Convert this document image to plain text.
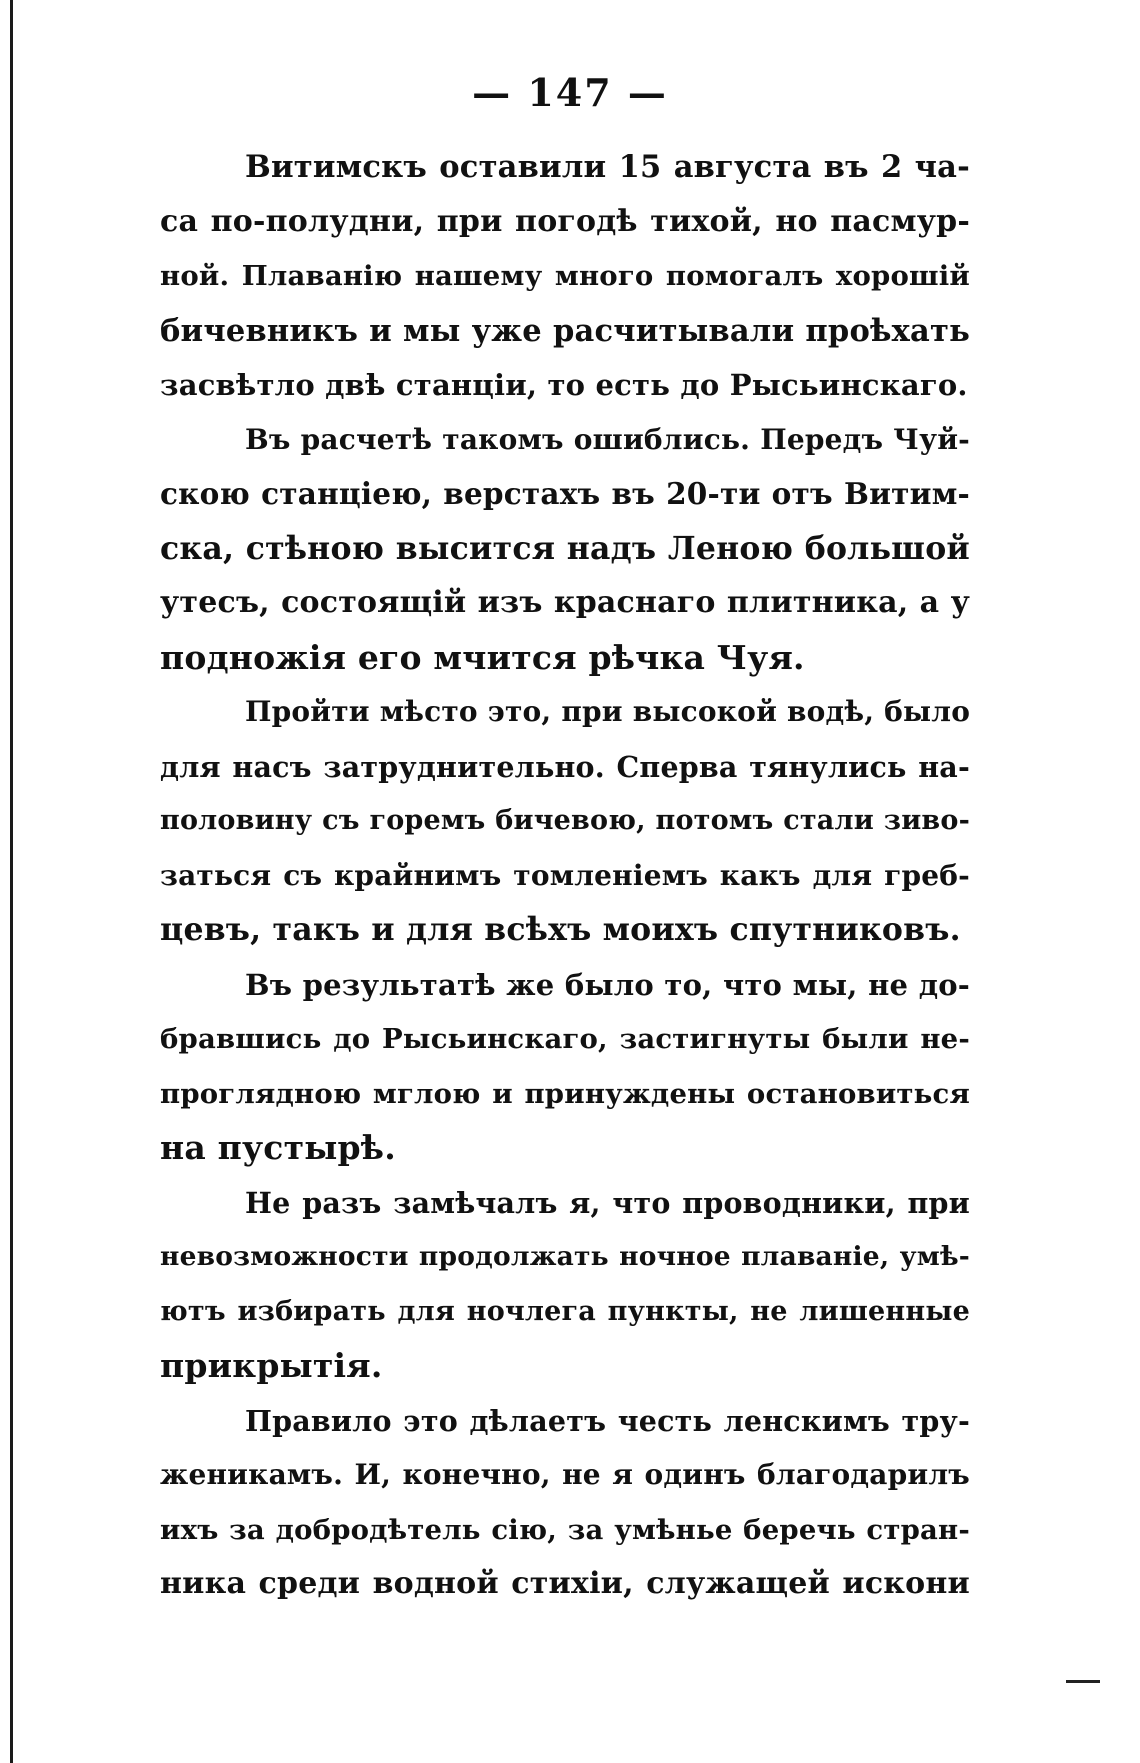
— 147 —
Витимскъ оставили 15 августа въ 2 ча-
са по-полудни, при погодѣ тихой, но пасмур-
ной. Плаванію нашему много помогалъ хорошій
бичевникъ и мы уже расчитывали проѣхать
засвѣтло двѣ станціи, то есть до Рысьинскаго.
Въ расчетѣ такомъ ошиблись. Передъ Чуй-
скою станціею, верстахъ въ 20-ти отъ Витим-
ска, стѣною высится надъ Леною большой
утесъ, состоящій изъ краснаго плитника, а у
подножія его мчится рѣчка Чуя.
Пройти мѣсто это, при высокой водѣ, было
для насъ затруднительно. Сперва тянулись на-
половину съ горемъ бичевою, потомъ стали зиво-
заться съ крайнимъ томленіемъ какъ для греб-
цевъ, такъ и для всѣхъ моихъ спутниковъ.
Въ результатѣ же было то, что мы, не до-
бравшись до Рысьинскаго, застигнуты были не-
проглядною мглою и принуждены остановиться
на пустырѣ.
Не разъ замѣчалъ я, что проводники, при
невозможности продолжать ночное плаваніе, умѣ-
ютъ избирать для ночлега пункты, не лишенные
прикрытія.
Правило это дѣлаетъ честь ленскимъ тру-
женикамъ. И, конечно, не я одинъ благодарилъ
ихъ за добродѣтель сію, за умѣнье беречь стран-
ника среди водной стихіи, служащей искони
